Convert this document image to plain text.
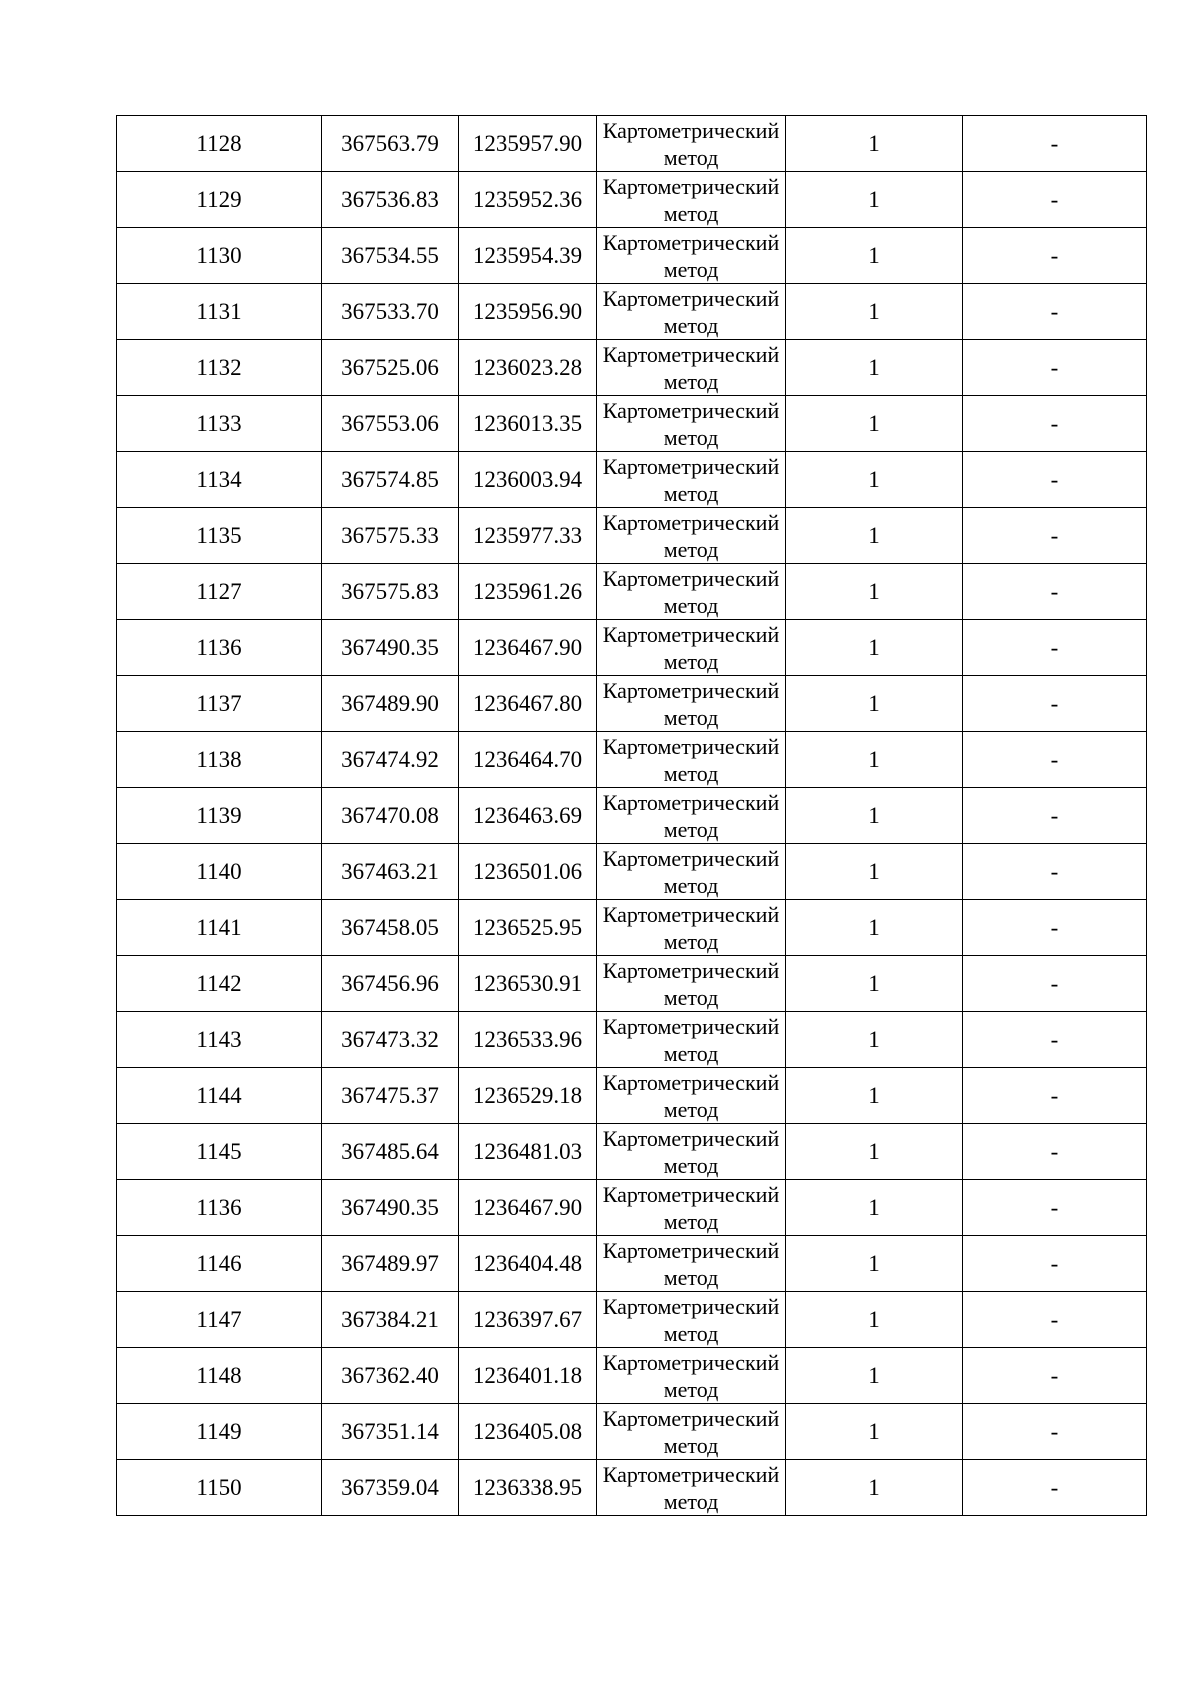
1128	367563.79	1235957.90	Картометрический метод	1	-
1129	367536.83	1235952.36	Картометрический метод	1	-
1130	367534.55	1235954.39	Картометрический метод	1	-
1131	367533.70	1235956.90	Картометрический метод	1	-
1132	367525.06	1236023.28	Картометрический метод	1	-
1133	367553.06	1236013.35	Картометрический метод	1	-
1134	367574.85	1236003.94	Картометрический метод	1	-
1135	367575.33	1235977.33	Картометрический метод	1	-
1127	367575.83	1235961.26	Картометрический метод	1	-
1136	367490.35	1236467.90	Картометрический метод	1	-
1137	367489.90	1236467.80	Картометрический метод	1	-
1138	367474.92	1236464.70	Картометрический метод	1	-
1139	367470.08	1236463.69	Картометрический метод	1	-
1140	367463.21	1236501.06	Картометрический метод	1	-
1141	367458.05	1236525.95	Картометрический метод	1	-
1142	367456.96	1236530.91	Картометрический метод	1	-
1143	367473.32	1236533.96	Картометрический метод	1	-
1144	367475.37	1236529.18	Картометрический метод	1	-
1145	367485.64	1236481.03	Картометрический метод	1	-
1136	367490.35	1236467.90	Картометрический метод	1	-
1146	367489.97	1236404.48	Картометрический метод	1	-
1147	367384.21	1236397.67	Картометрический метод	1	-
1148	367362.40	1236401.18	Картометрический метод	1	-
1149	367351.14	1236405.08	Картометрический метод	1	-
1150	367359.04	1236338.95	Картометрический метод	1	-
